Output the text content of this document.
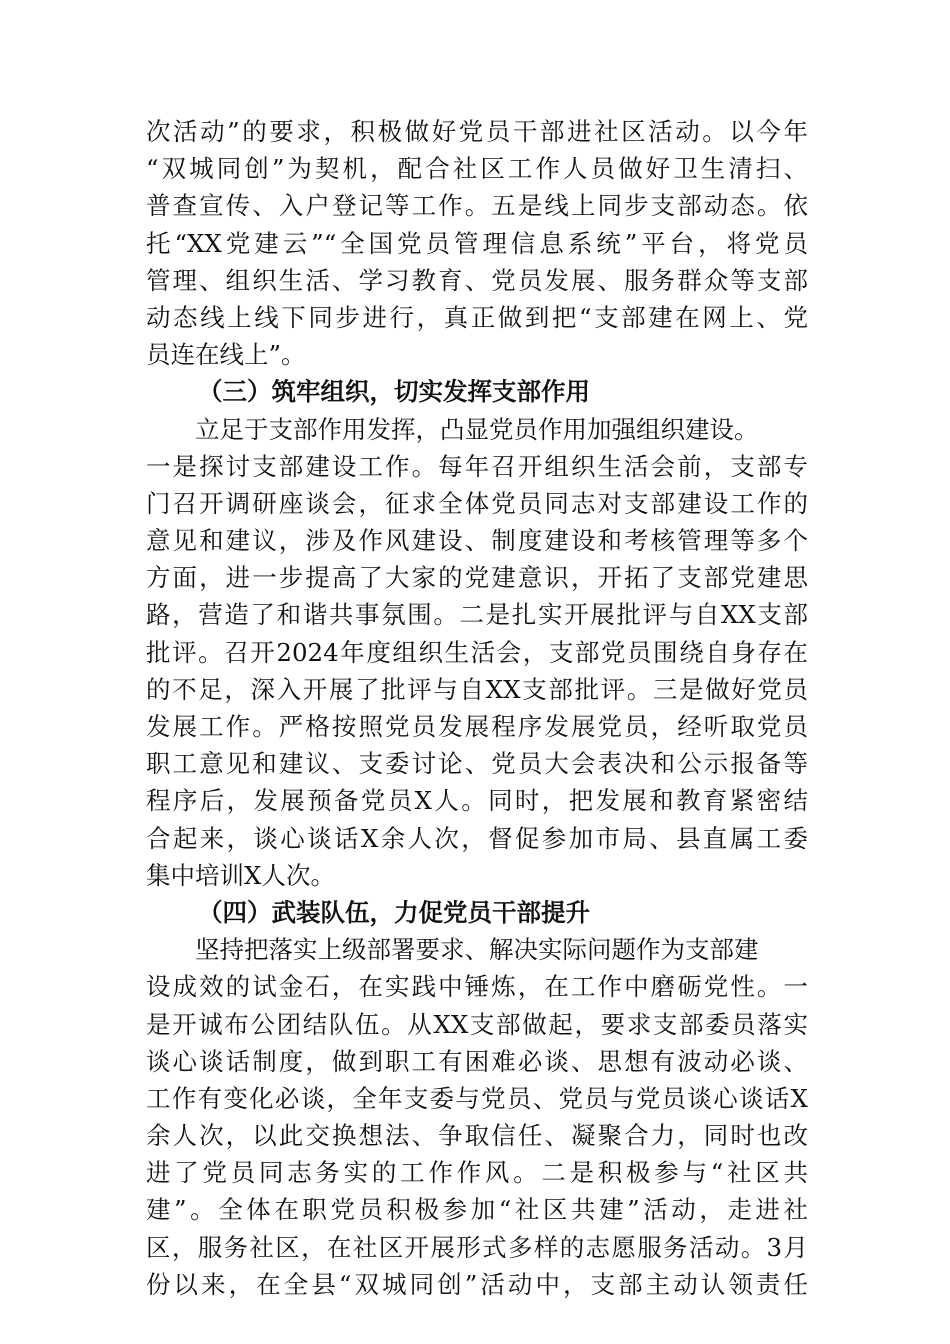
次活动”的要求，积极做好党员干部进社区活动。以今年
“双城同创”为契机，配合社区工作人员做好卫生清扫、
普查宣传、入户登记等工作。五是线上同步支部动态。依
托“XX党建云”“全国党员管理信息系统”平台，将党员
管理、组织生活、学习教育、党员发展、服务群众等支部
动态线上线下同步进行，真正做到把“支部建在网上、党
员连在线上”。
（三）筑牢组织，切实发挥支部作用
立足于支部作用发挥，凸显党员作用加强组织建设。
一是探讨支部建设工作。每年召开组织生活会前，支部专
门召开调研座谈会，征求全体党员同志对支部建设工作的
意见和建议，涉及作风建设、制度建设和考核管理等多个
方面，进一步提高了大家的党建意识，开拓了支部党建思
路，营造了和谐共事氛围。二是扎实开展批评与自XX支部
批评。召开2024年度组织生活会，支部党员围绕自身存在
的不足，深入开展了批评与自XX支部批评。三是做好党员
发展工作。严格按照党员发展程序发展党员，经听取党员
职工意见和建议、支委讨论、党员大会表决和公示报备等
程序后，发展预备党员X人。同时，把发展和教育紧密结
合起来，谈心谈话X余人次，督促参加市局、县直属工委
集中培训X人次。
（四）武装队伍，力促党员干部提升
坚持把落实上级部署要求、解决实际问题作为支部建
设成效的试金石，在实践中锤炼，在工作中磨砺党性。一
是开诚布公团结队伍。从XX支部做起，要求支部委员落实
谈心谈话制度，做到职工有困难必谈、思想有波动必谈、
工作有变化必谈，全年支委与党员、党员与党员谈心谈话X
余人次，以此交换想法、争取信任、凝聚合力，同时也改
进了党员同志务实的工作作风。二是积极参与“社区共
建”。全体在职党员积极参加“社区共建”活动，走进社
区，服务社区，在社区开展形式多样的志愿服务活动。3月
份以来，在全县“双城同创”活动中，支部主动认领责任
